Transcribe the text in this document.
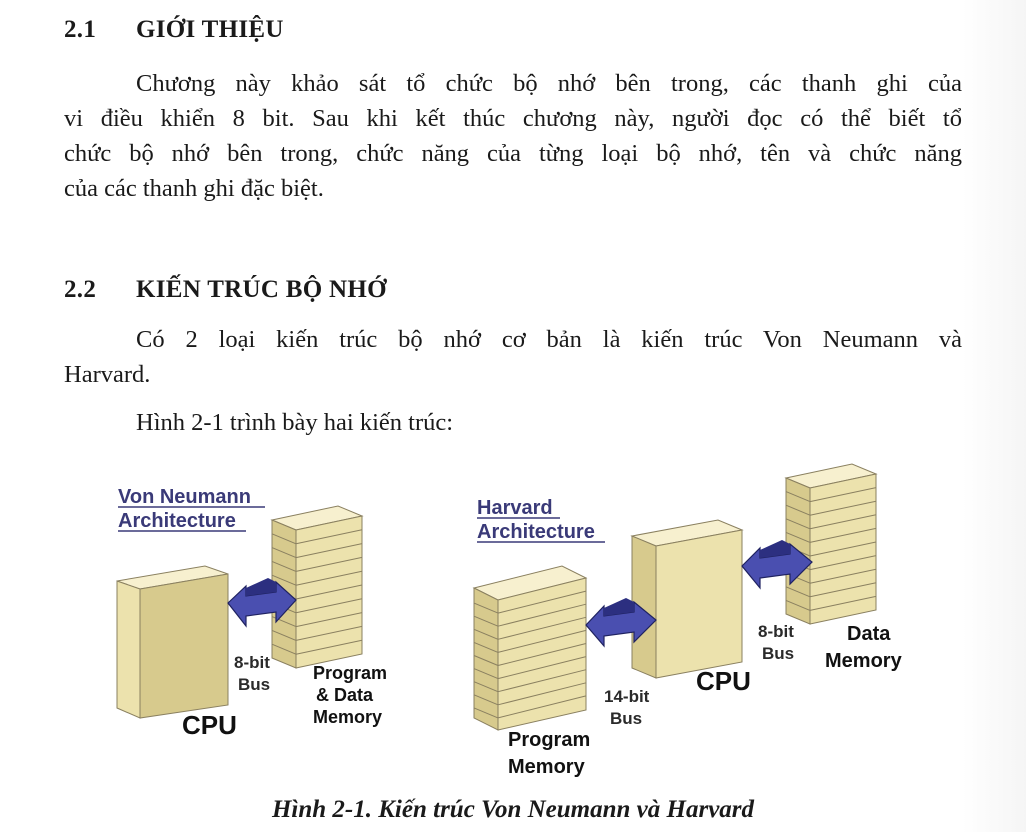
2.1 GIỚI THIỆU
Chương này khảo sát tổ chức bộ nhớ bên trong, các thanh ghi của
vi điều khiển 8 bit. Sau khi kết thúc chương này, người đọc có thể biết tổ
chức bộ nhớ bên trong, chức năng của từng loại bộ nhớ, tên và chức năng
của các thanh ghi đặc biệt.
2.2 KIẾN TRÚC BỘ NHỚ
Có 2 loại kiến trúc bộ nhớ cơ bản là kiến trúc Von Neumann và
Harvard.
Hình 2-1 trình bày hai kiến trúc:
Von Neumann
Architecture
8-bit
Bus
CPU
Program
& Data
Memory
Harvard
Architecture
14-bit
Bus
CPU
8-bit
Bus
Data
Memory
Program
Memory
Hình 2-1. Kiến trúc Von Neumann và Harvard
